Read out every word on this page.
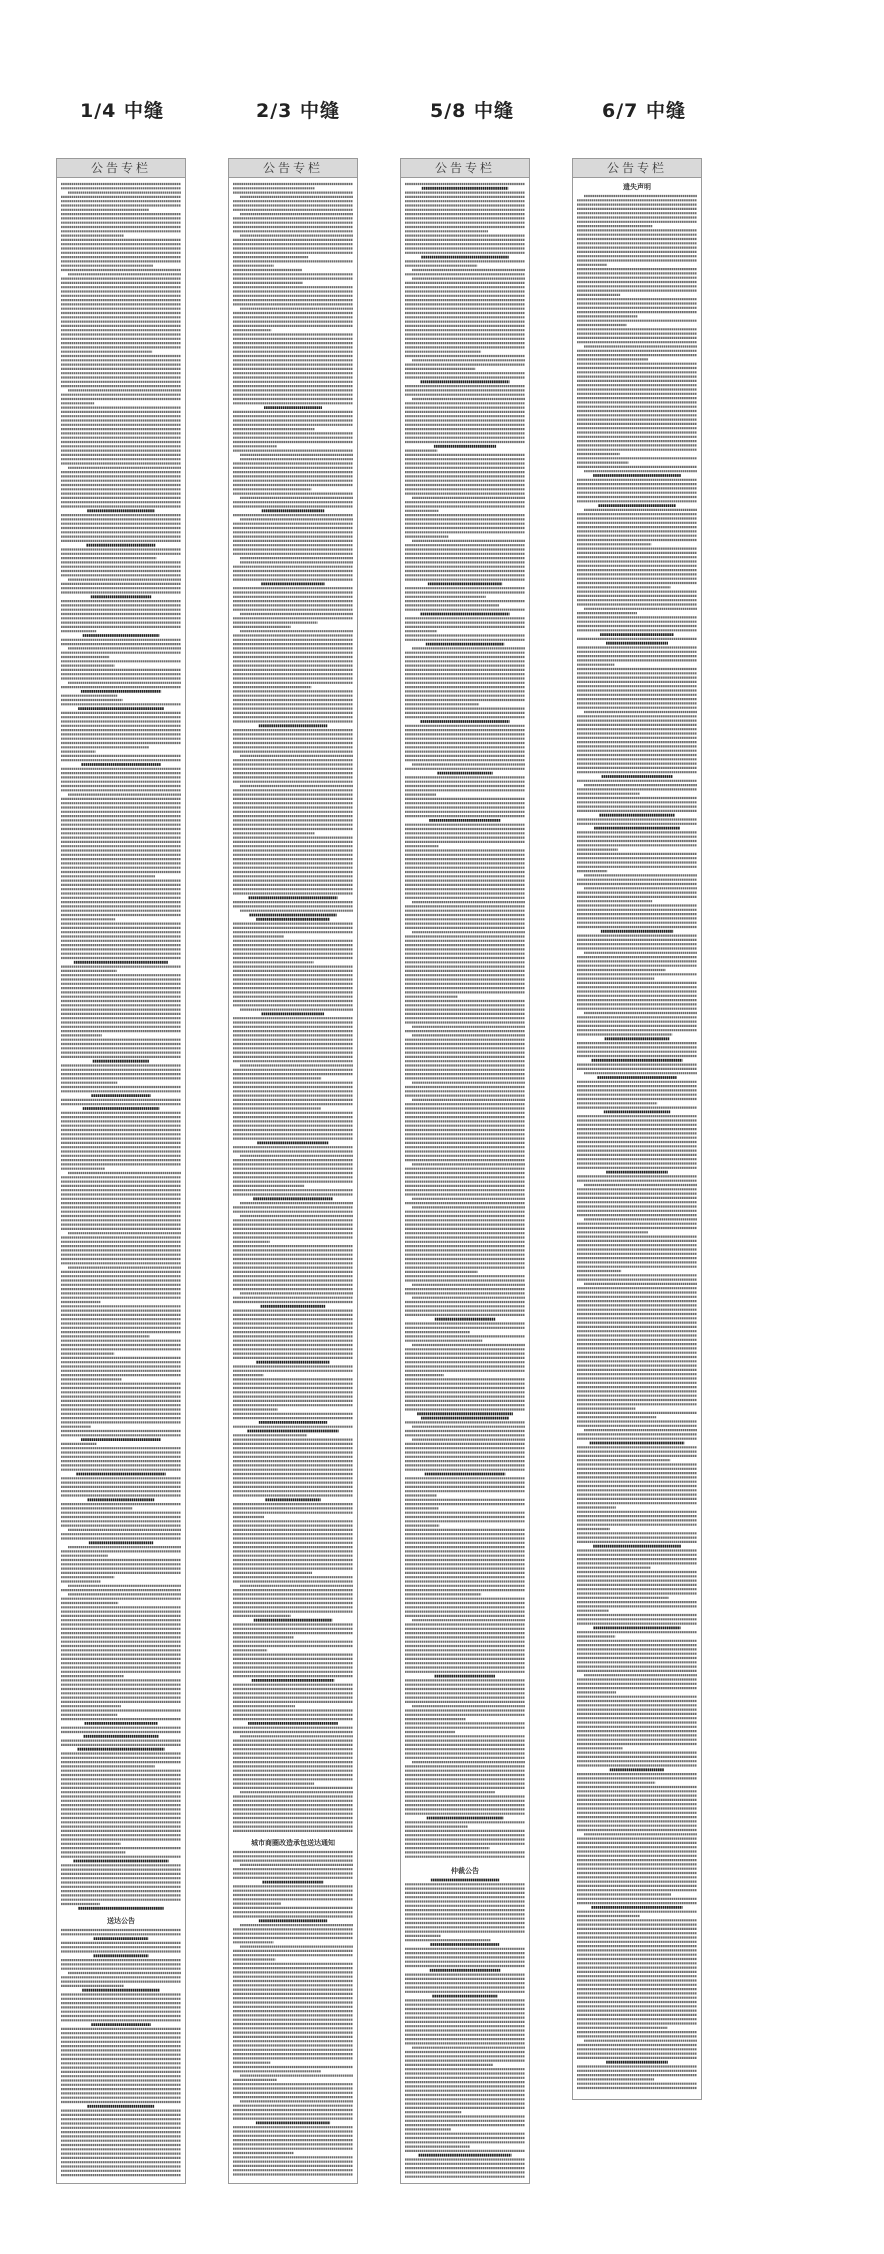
1/4 中缝	2/3 中缝	5/8 中缝	6/7 中缝
公告专栏
送达公告
公告专栏
城市商圈改造承包送达通知
公告专栏
仲裁公告
公告专栏
遗失声明
